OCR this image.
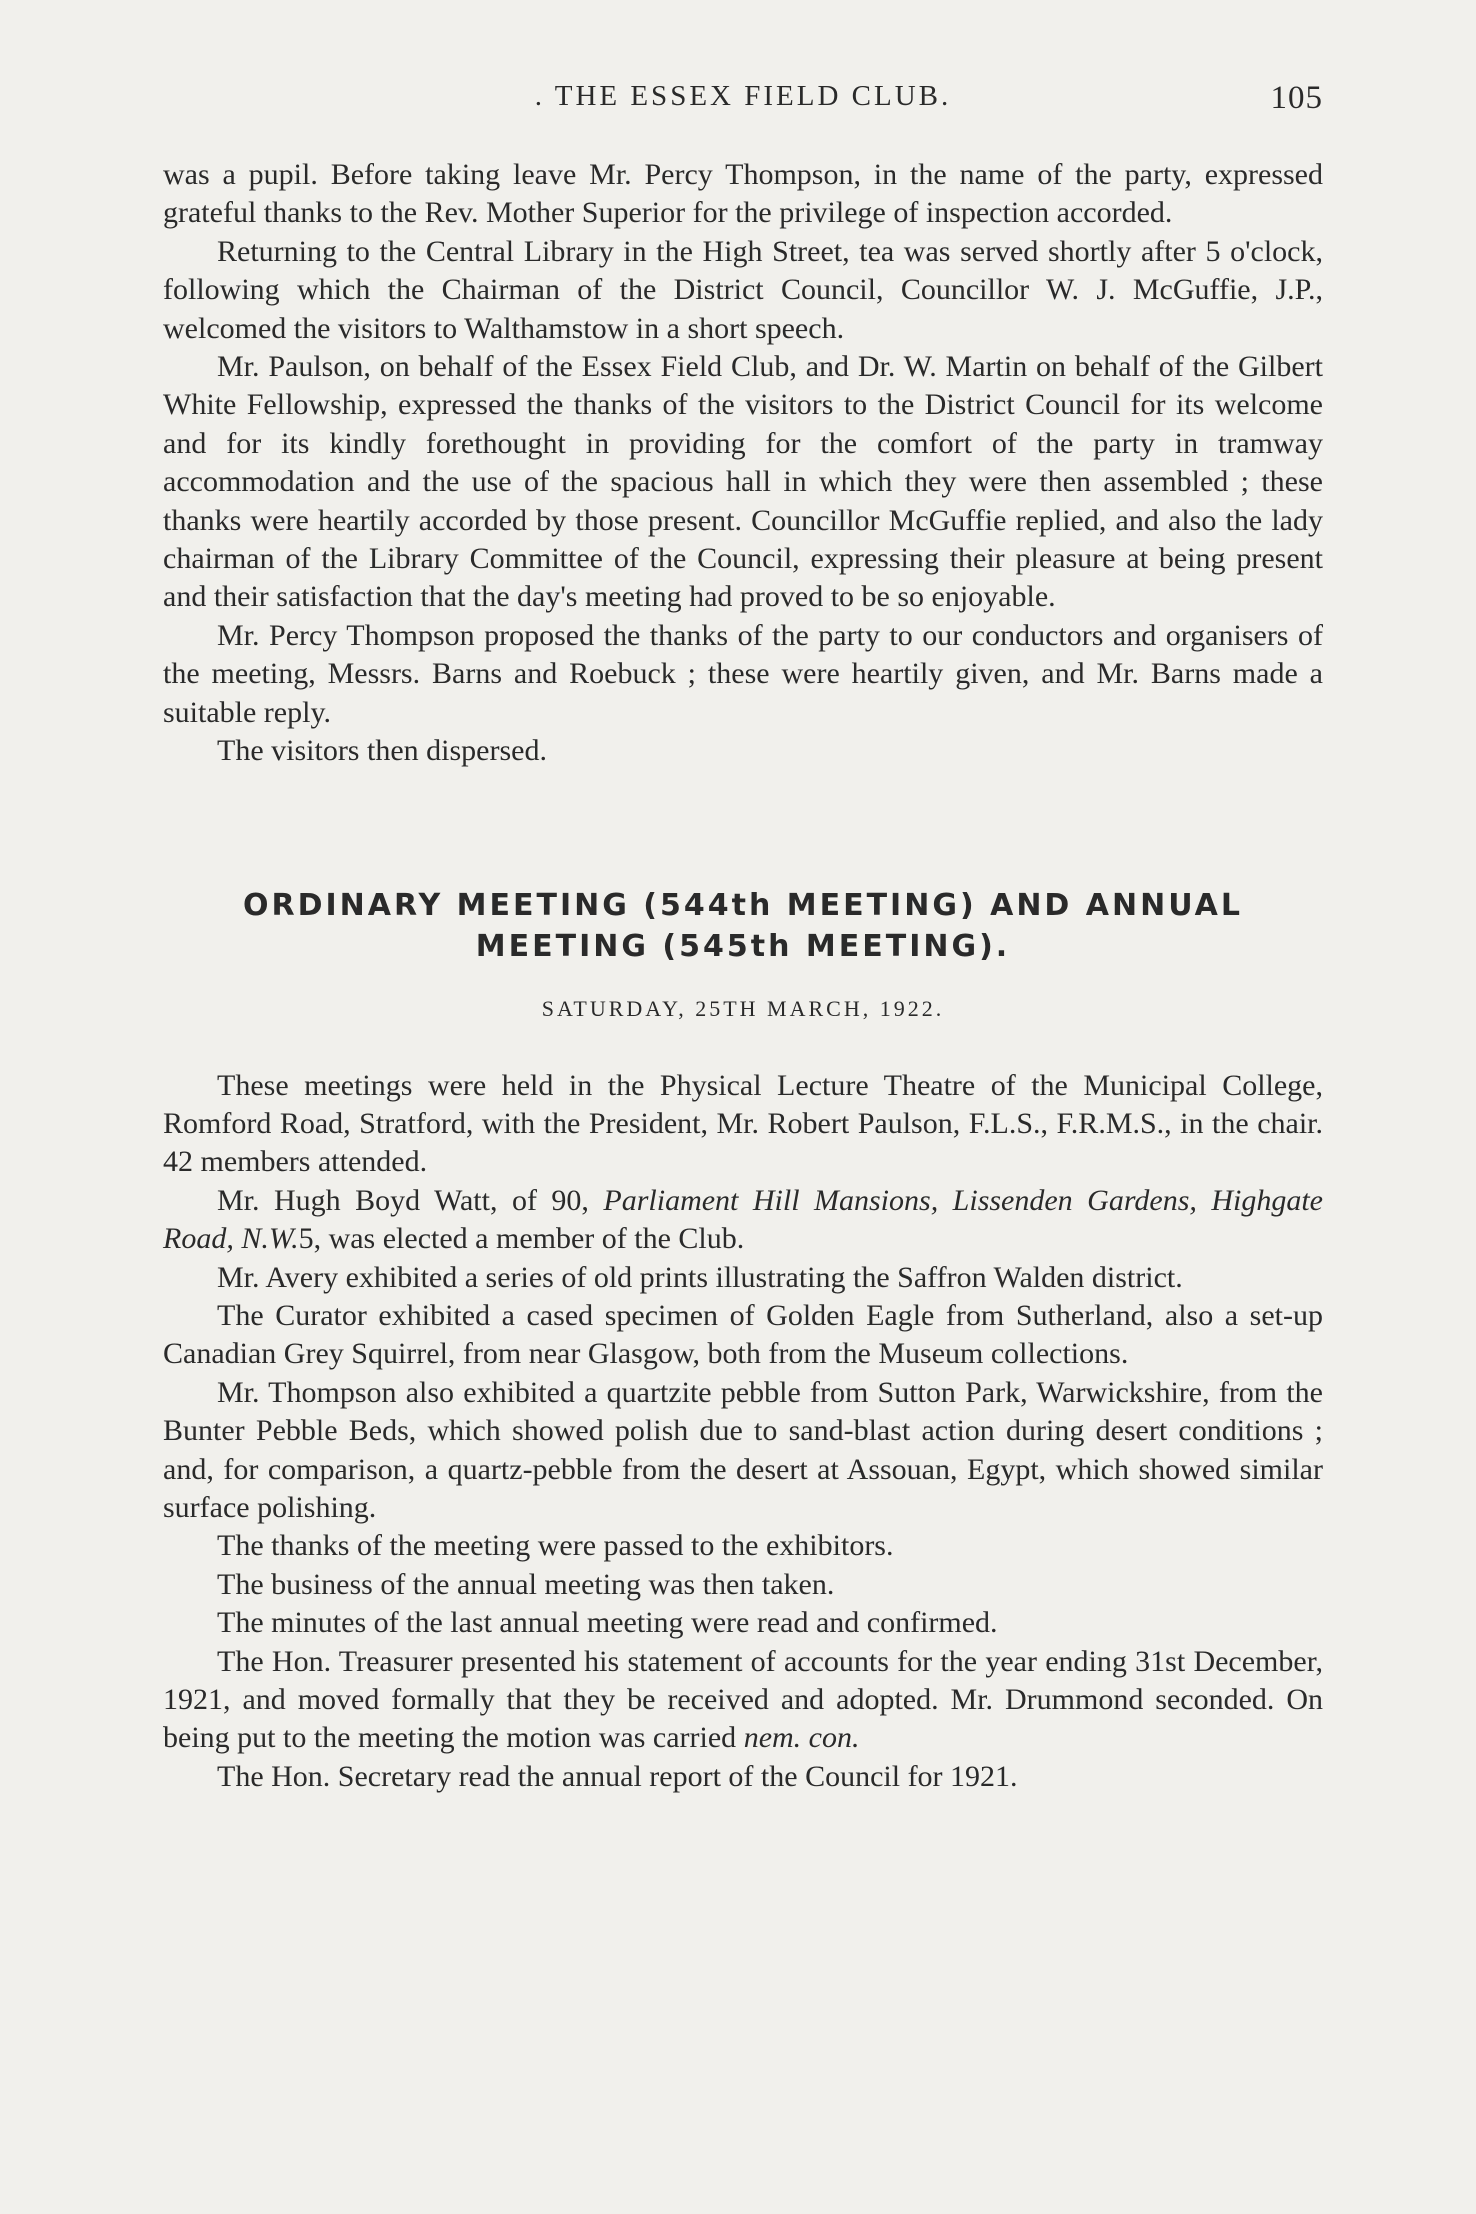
. THE ESSEX FIELD CLUB.	105

was a pupil. Before taking leave Mr. Percy Thompson, in the name of the party, expressed grateful thanks to the Rev. Mother Superior for the privilege of inspection accorded.

Returning to the Central Library in the High Street, tea was served shortly after 5 o'clock, following which the Chairman of the District Council, Councillor W. J. McGuffie, J.P., welcomed the visitors to Walthamstow in a short speech.

Mr. Paulson, on behalf of the Essex Field Club, and Dr. W. Martin on behalf of the Gilbert White Fellowship, expressed the thanks of the visitors to the District Council for its welcome and for its kindly forethought in providing for the comfort of the party in tramway accommodation and the use of the spacious hall in which they were then assembled ; these thanks were heartily accorded by those present. Councillor McGuffie replied, and also the lady chairman of the Library Committee of the Council, expressing their pleasure at being present and their satisfaction that the day's meeting had proved to be so enjoyable.

Mr. Percy Thompson proposed the thanks of the party to our conductors and organisers of the meeting, Messrs. Barns and Roebuck ; these were heartily given, and Mr. Barns made a suitable reply.

The visitors then dispersed.

ORDINARY MEETING (544th MEETING) AND ANNUAL
MEETING (545th MEETING).
SATURDAY, 25TH MARCH, 1922.

These meetings were held in the Physical Lecture Theatre of the Municipal College, Romford Road, Stratford, with the President, Mr. Robert Paulson, F.L.S., F.R.M.S., in the chair. 42 members attended.

Mr. Hugh Boyd Watt, of 90, Parliament Hill Mansions, Lissenden Gardens, Highgate Road, N.W.5, was elected a member of the Club.

Mr. Avery exhibited a series of old prints illustrating the Saffron Walden district.

The Curator exhibited a cased specimen of Golden Eagle from Sutherland, also a set-up Canadian Grey Squirrel, from near Glasgow, both from the Museum collections.

Mr. Thompson also exhibited a quartzite pebble from Sutton Park, Warwickshire, from the Bunter Pebble Beds, which showed polish due to sand-blast action during desert conditions ; and, for comparison, a quartz-pebble from the desert at Assouan, Egypt, which showed similar surface polishing.

The thanks of the meeting were passed to the exhibitors.

The business of the annual meeting was then taken.

The minutes of the last annual meeting were read and confirmed.

The Hon. Treasurer presented his statement of accounts for the year ending 31st December, 1921, and moved formally that they be received and adopted. Mr. Drummond seconded. On being put to the meeting the motion was carried nem. con.

The Hon. Secretary read the annual report of the Council for 1921.
